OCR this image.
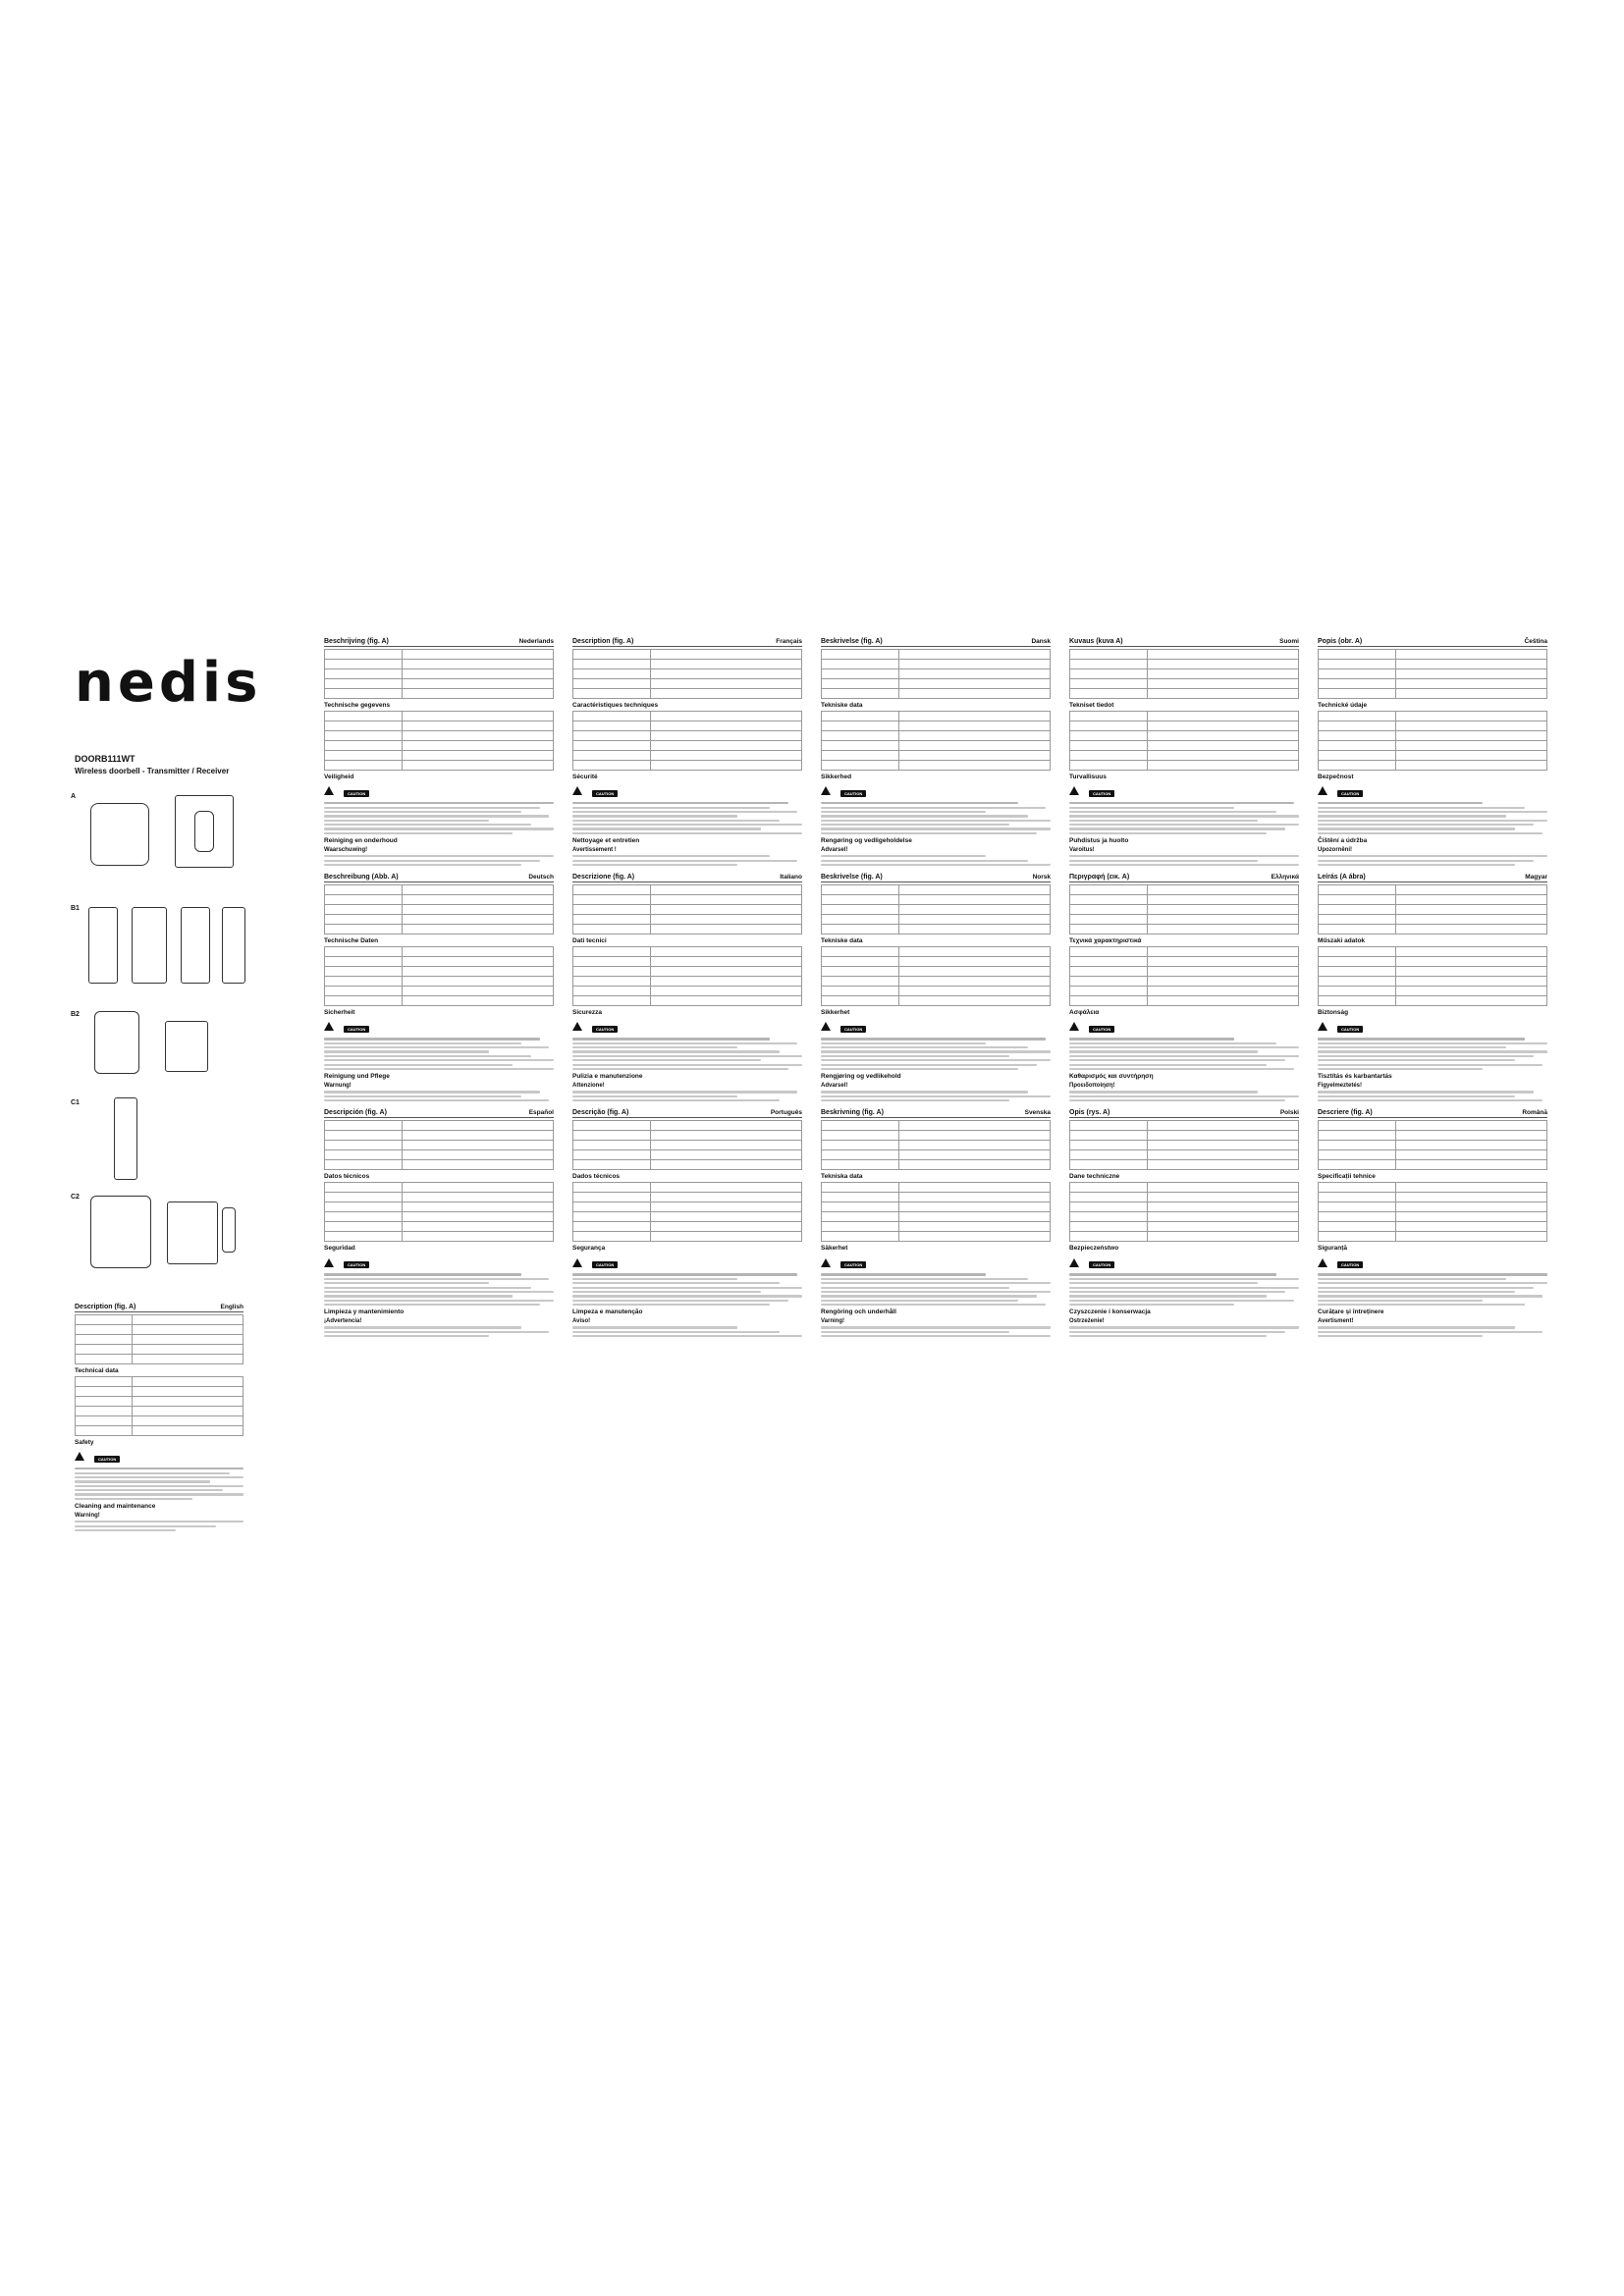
nedis
DOORB111WT
Wireless doorbell - Transmitter / Receiver
A
B1
B2
C1
C2
Description (fig. A)	English

Technical data

Safety
CAUTION
Cleaning and maintenance
Warning!
Beschrijving (fig. A)	Nederlands

Technische gegevens

Veiligheid
CAUTION
Reiniging en onderhoud
Waarschuwing!
Beschreibung (Abb. A)	Deutsch

Technische Daten

Sicherheit
CAUTION
Reinigung und Pflege
Warnung!
Descripción (fig. A)	Español

Datos técnicos

Seguridad
CAUTION
Limpieza y mantenimiento
¡Advertencia!
Description (fig. A)	Français

Caractéristiques techniques

Sécurité
CAUTION
Nettoyage et entretien
Avertissement !
Descrizione (fig. A)	Italiano

Dati tecnici

Sicurezza
CAUTION
Pulizia e manutenzione
Attenzione!
Descrição (fig. A)	Português

Dados técnicos

Segurança
CAUTION
Limpeza e manutenção
Aviso!
Beskrivelse (fig. A)	Dansk

Tekniske data

Sikkerhed
CAUTION
Rengøring og vedligeholdelse
Advarsel!
Beskrivelse (fig. A)	Norsk

Tekniske data

Sikkerhet
CAUTION
Rengjøring og vedlikehold
Advarsel!
Beskrivning (fig. A)	Svenska

Tekniska data

Säkerhet
CAUTION
Rengöring och underhåll
Varning!
Kuvaus (kuva A)	Suomi

Tekniset tiedot

Turvallisuus
CAUTION
Puhdistus ja huolto
Varoitus!
Περιγραφή (εικ. A)	Ελληνικά

Τεχνικά χαρακτηριστικά

Ασφάλεια
CAUTION
Καθαρισμός και συντήρηση
Προειδοποίηση!
Opis (rys. A)	Polski

Dane techniczne

Bezpieczeństwo
CAUTION
Czyszczenie i konserwacja
Ostrzeżenie!
Popis (obr. A)	Čeština

Technické údaje

Bezpečnost
CAUTION
Čištění a údržba
Upozornění!
Leírás (A ábra)	Magyar

Műszaki adatok

Biztonság
CAUTION
Tisztítás és karbantartás
Figyelmeztetés!
Descriere (fig. A)	Română

Specificații tehnice

Siguranță
CAUTION
Curățare și întreținere
Avertisment!
